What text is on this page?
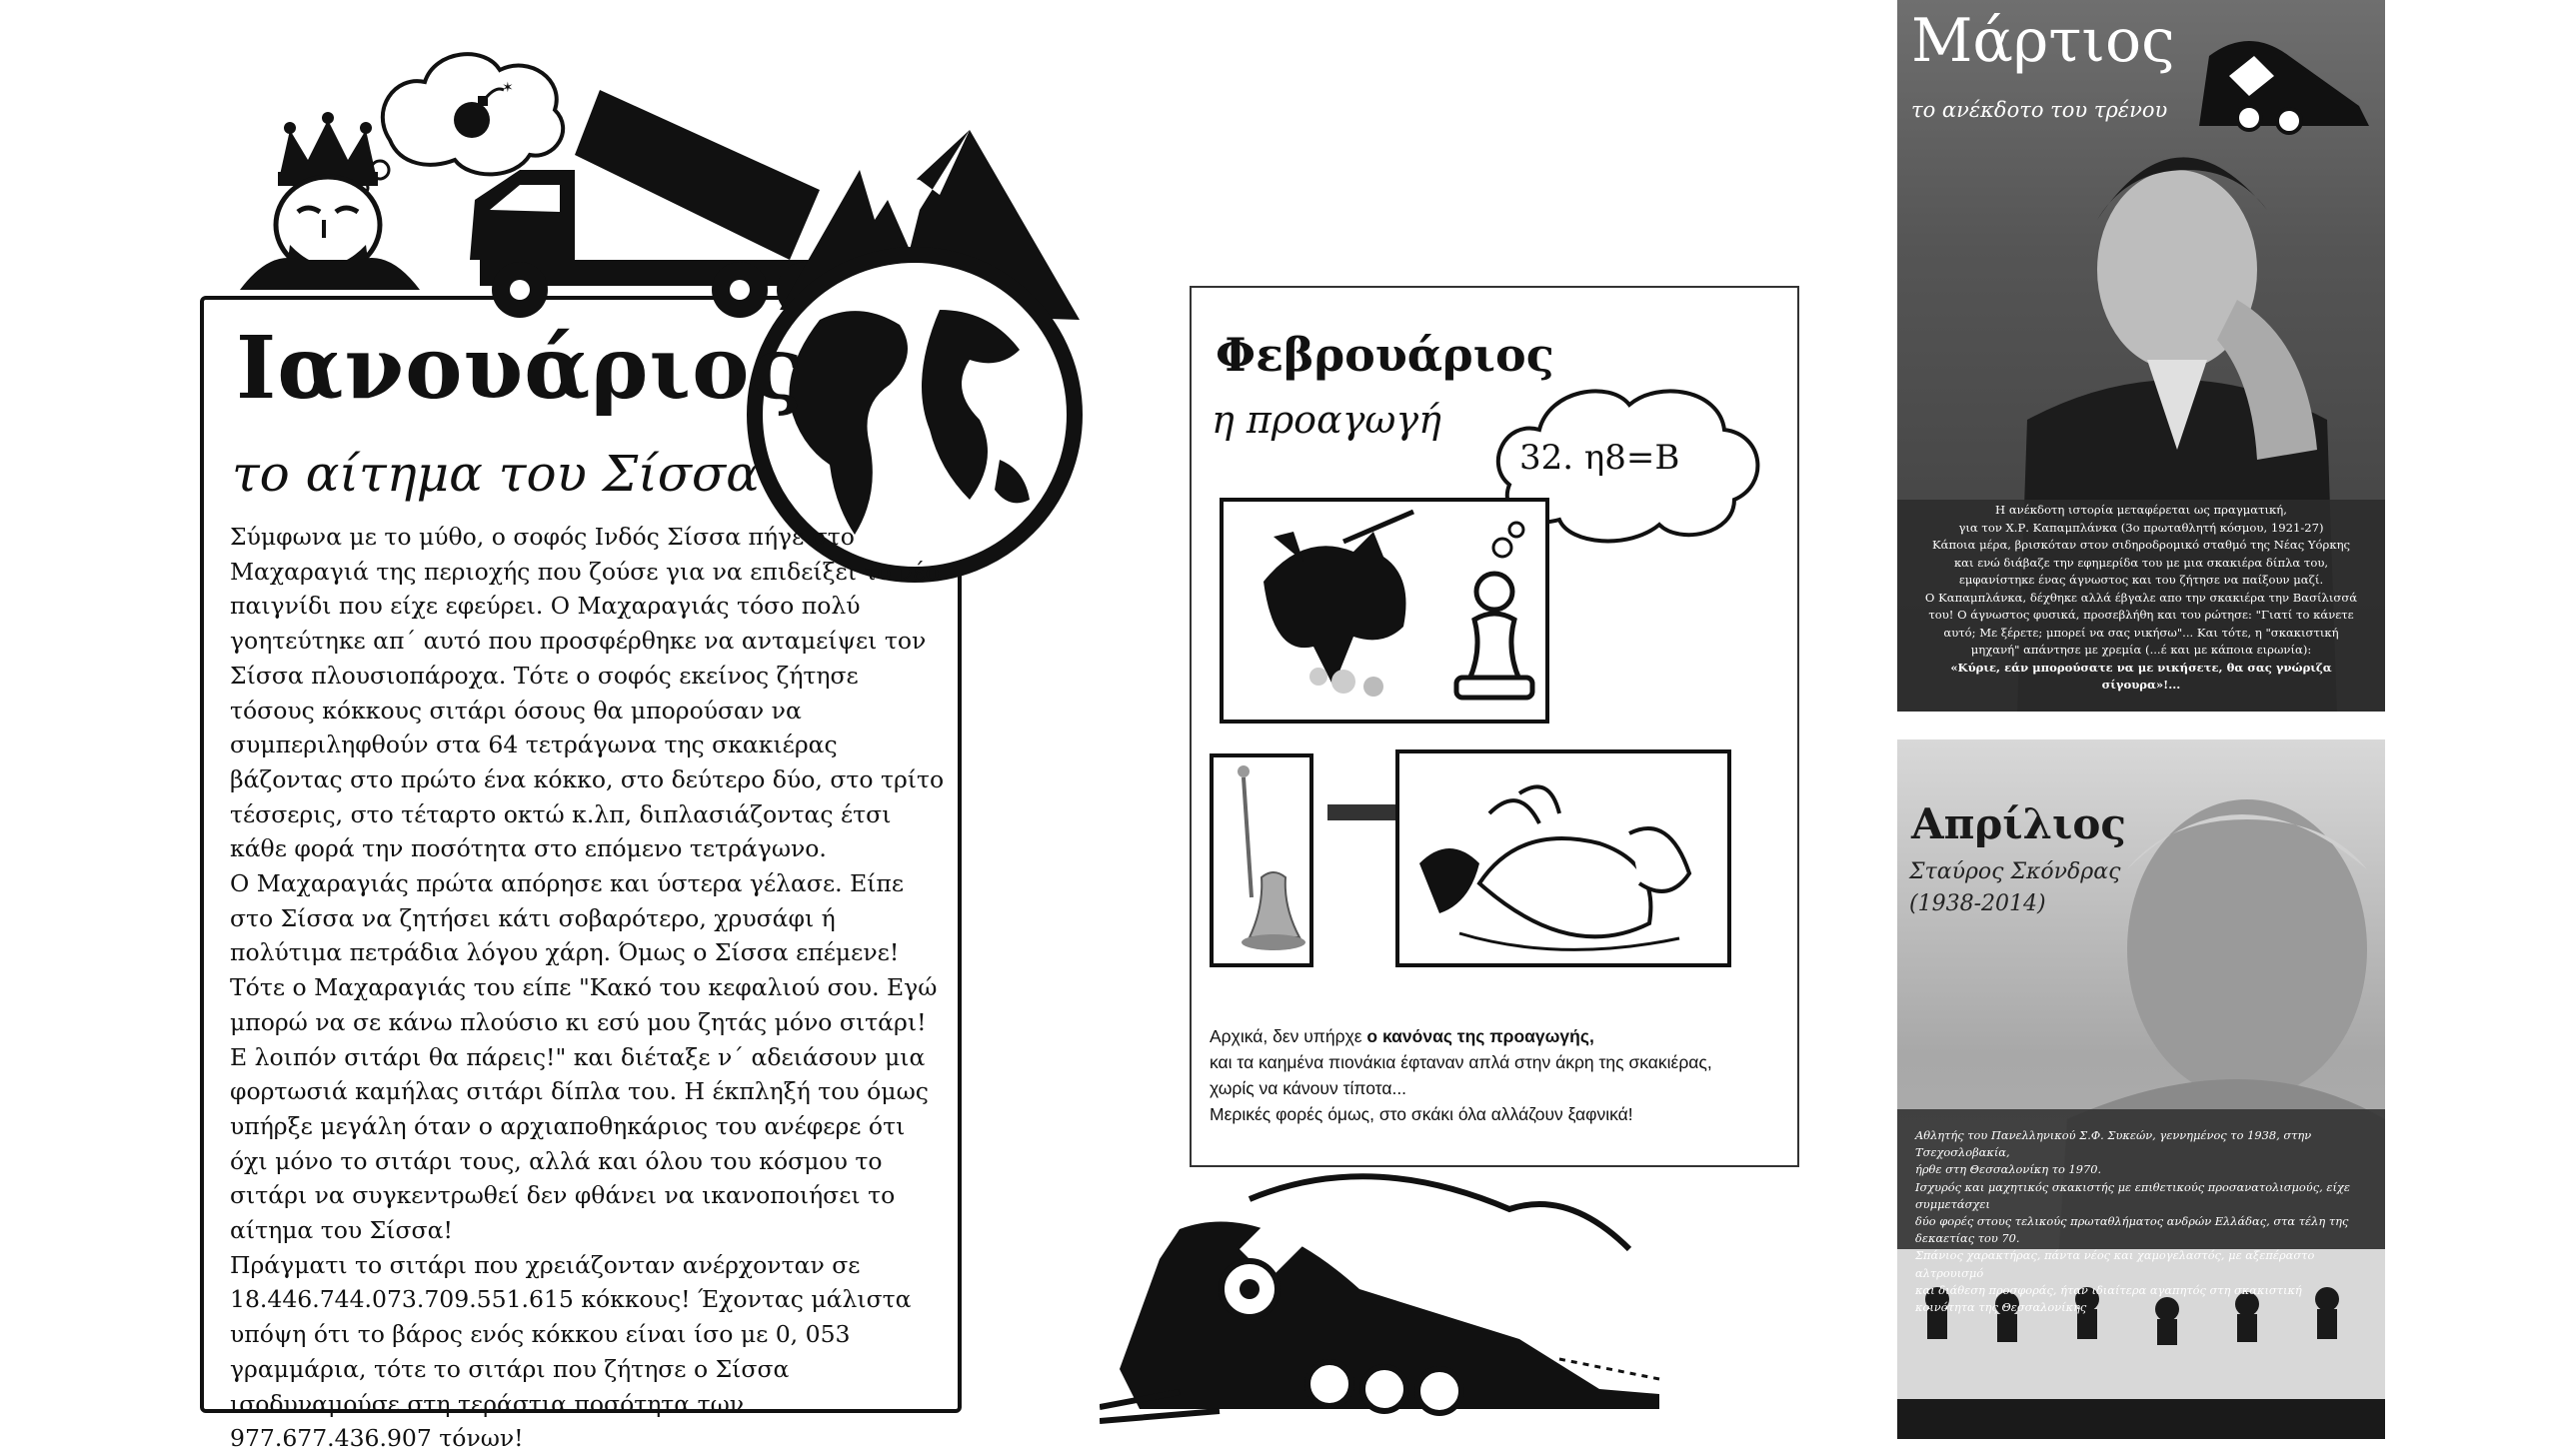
✶
Ιανουάριος
το αίτημα του Σίσσα

Σύμφωνα με το μύθο, ο σοφός Ινδός Σίσσα πήγε στο Μαχαραγιά της περιοχής που ζούσε για να επιδείξει το νέο παιγνίδι που είχε εφεύρει. Ο Μαχαραγιάς τόσο πολύ γοητεύτηκε απ΄ αυτό που προσφέρθηκε να ανταμείψει τον Σίσσα πλουσιοπάροχα. Τότε ο σοφός εκείνος ζήτησε τόσους κόκκους σιτάρι όσους θα μπορούσαν να συμπεριληφθούν στα 64 τετράγωνα της σκακιέρας βάζοντας στο πρώτο ένα κόκκο, στο δεύτερο δύο, στο τρίτο τέσσερις, στο τέταρτο οκτώ κ.λπ, διπλασιάζοντας έτσι κάθε φορά την ποσότητα στο επόμενο τετράγωνο.

Ο Μαχαραγιάς πρώτα απόρησε και ύστερα γέλασε. Είπε στο Σίσσα να ζητήσει κάτι σοβαρότερο, χρυσάφι ή πολύτιμα πετράδια λόγου χάρη. Όμως ο Σίσσα επέμενε! Τότε ο Μαχαραγιάς του είπε "Κακό του κεφαλιού σου. Εγώ μπορώ να σε κάνω πλούσιο κι εσύ μου ζητάς μόνο σιτάρι! Ε λοιπόν σιτάρι θα πάρεις!" και διέταξε ν΄ αδειάσουν μια φορτωσιά καμήλας σιτάρι δίπλα του. Η έκπληξή του όμως υπήρξε μεγάλη όταν ο αρχιαποθηκάριος του ανέφερε ότι όχι μόνο το σιτάρι τους, αλλά και όλου του κόσμου το σιτάρι να συγκεντρωθεί δεν φθάνει να ικανοποιήσει το αίτημα του Σίσσα!

Πράγματι το σιτάρι που χρειάζονταν ανέρχονταν σε 18.446.744.073.709.551.615 κόκκους! Έχοντας μάλιστα υπόψη ότι το βάρος ενός κόκκου είναι ίσο με 0, 053 γραμμάρια, τότε το σιτάρι που ζήτησε ο Σίσσα ισοδυναμούσε στη τεράστια ποσότητα των 977.677.436.907 τόνων!

Φεβρουάριος
η προαγωγή
32. η8=Β

Αρχικά, δεν υπήρχε ο κανόνας της προαγωγής,

και τα καημένα πιονάκια έφταναν απλά στην άκρη της σκακιέρας,

χωρίς να κάνουν τίποτα...

Μερικές φορές όμως, στο σκάκι όλα αλλάζουν ξαφνικά!

Μάρτιος
το ανέκδοτο του τρένου

Η ανέκδοτη ιστορία μεταφέρεται ως πραγματική,

για τον Χ.Ρ. Καπαμπλάνκα (3ο πρωταθλητή κόσμου, 1921-27)

Κάποια μέρα, βρισκόταν στον σιδηροδρομικό σταθμό της Νέας Υόρκης

και ενώ διάβαζε την εφημερίδα του με μια σκακιέρα δίπλα του,

εμφανίστηκε ένας άγνωστος και του ζήτησε να παίξουν μαζί.

Ο Καπαμπλάνκα, δέχθηκε αλλά έβγαλε απο την σκακιέρα την Βασίλισσά

του! Ο άγνωστος φυσικά, προσεβλήθη και του ρώτησε: "Γιατί το κάνετε

αυτό; Με ξέρετε; μπορεί να σας νικήσω"... Και τότε, η "σκακιστική

μηχανή" απάντησε με χρεμία (...έ και με κάποια ειρωνία):

«Κύριε, εάν μπορούσατε να με νικήσετε, θα σας γνώριζα σίγουρα»!...

Απρίλιος
Σταύρος Σκόνδρας
(1938-2014)

Αθλητής του Πανελληνικού Σ.Φ. Συκεών, γεννημένος το 1938, στην Τσεχοσλοβακία,

ήρθε στη Θεσσαλονίκη το 1970.

Ισχυρός και μαχητικός σκακιστής με επιθετικούς προσανατολισμούς, είχε συμμετάσχει

δύο φορές στους τελικούς πρωταθλήματος ανδρών Ελλάδας, στα τέλη της δεκαετίας του 70.

Σπάνιος χαρακτήρας, πάντα νέος και χαμογελαστός, με αξεπέραστο αλτρουισμό

και διάθεση προσφοράς, ήταν ιδιαίτερα αγαπητός στη σκακιστική κοινότητα της Θεσσαλονίκης
